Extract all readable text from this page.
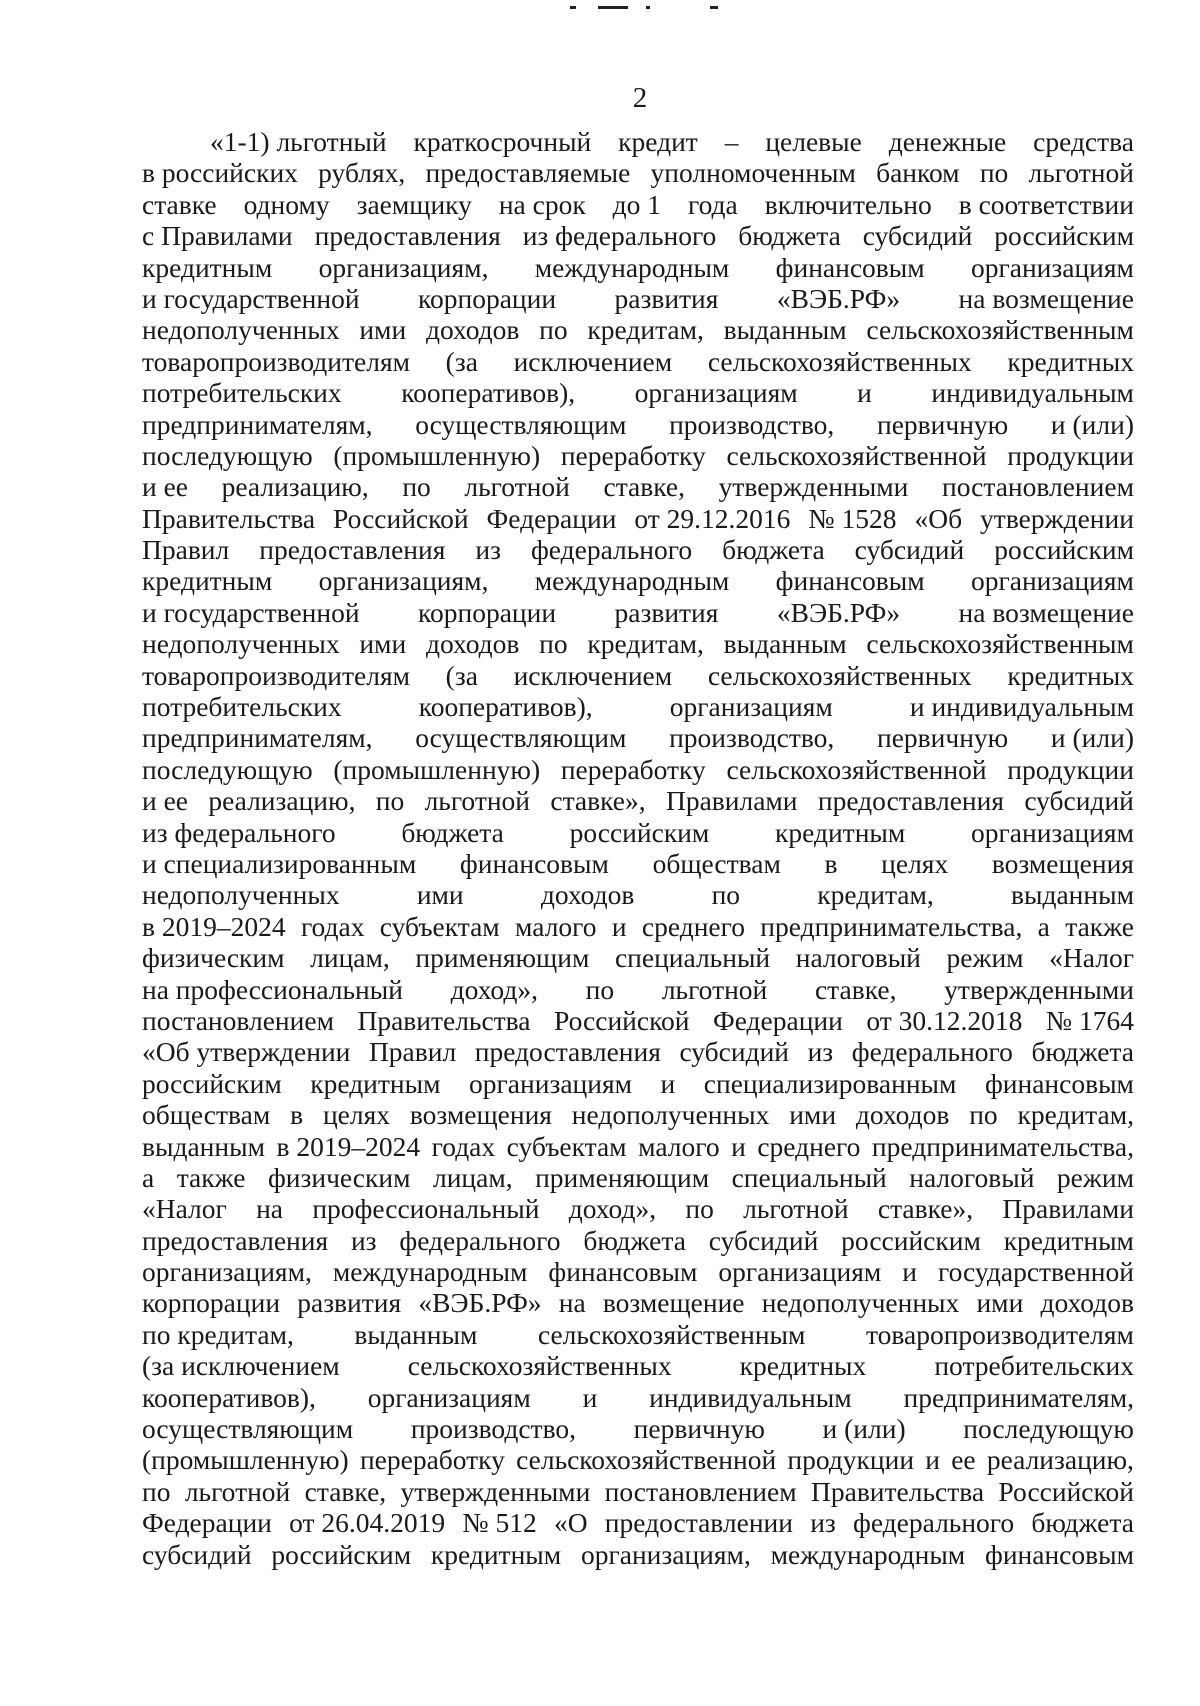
2
«1-1) льготный краткосрочный кредит – целевые денежные средства
в российских рублях, предоставляемые уполномоченным банком по льготной
ставке одному заемщику на срок до 1 года включительно в соответствии
с Правилами предоставления из федерального бюджета субсидий российским
кредитным организациям, международным финансовым организациям
и государственной корпорации развития «ВЭБ.РФ» на возмещение
недополученных ими доходов по кредитам, выданным сельскохозяйственным
товаропроизводителям (за исключением сельскохозяйственных кредитных
потребительских кооперативов), организациям и индивидуальным
предпринимателям, осуществляющим производство, первичную и (или)
последующую (промышленную) переработку сельскохозяйственной продукции
и ее реализацию, по льготной ставке, утвержденными постановлением
Правительства Российской Федерации от 29.12.2016 № 1528 «Об утверждении
Правил предоставления из федерального бюджета субсидий российским
кредитным организациям, международным финансовым организациям
и государственной корпорации развития «ВЭБ.РФ» на возмещение
недополученных ими доходов по кредитам, выданным сельскохозяйственным
товаропроизводителям (за исключением сельскохозяйственных кредитных
потребительских	кооперативов),	организациям	и индивидуальным
предпринимателям, осуществляющим производство, первичную и (или)
последующую (промышленную) переработку сельскохозяйственной продукции
и ее реализацию, по льготной ставке», Правилами предоставления субсидий
из федерального бюджета российским кредитным организациям
и специализированным финансовым обществам в целях возмещения
недополученных	ими	доходов	по	кредитам,	выданным
в 2019–2024 годах субъектам малого и среднего предпринимательства, а также
физическим лицам, применяющим специальный налоговый режим «Налог
на профессиональный доход», по льготной ставке, утвержденными
постановлением Правительства Российской Федерации от 30.12.2018 № 1764
«Об утверждении Правил предоставления субсидий из федерального бюджета
российским кредитным организациям и специализированным финансовым
обществам в целях возмещения недополученных ими доходов по кредитам,
выданным в 2019–2024 годах субъектам малого и среднего предпринимательства,
а также физическим лицам, применяющим специальный налоговый режим
«Налог на профессиональный доход», по льготной ставке», Правилами
предоставления из федерального бюджета субсидий российским кредитным
организациям, международным финансовым организациям и государственной
корпорации развития «ВЭБ.РФ» на возмещение недополученных ими доходов
по кредитам, выданным сельскохозяйственным товаропроизводителям
(за исключением сельскохозяйственных кредитных потребительских
кооперативов), организациям и индивидуальным предпринимателям,
осуществляющим производство, первичную и (или) последующую
(промышленную) переработку сельскохозяйственной продукции и ее реализацию,
по льготной ставке, утвержденными постановлением Правительства Российской
Федерации от 26.04.2019 № 512 «О предоставлении из федерального бюджета
субсидий российским кредитным организациям, международным финансовым
